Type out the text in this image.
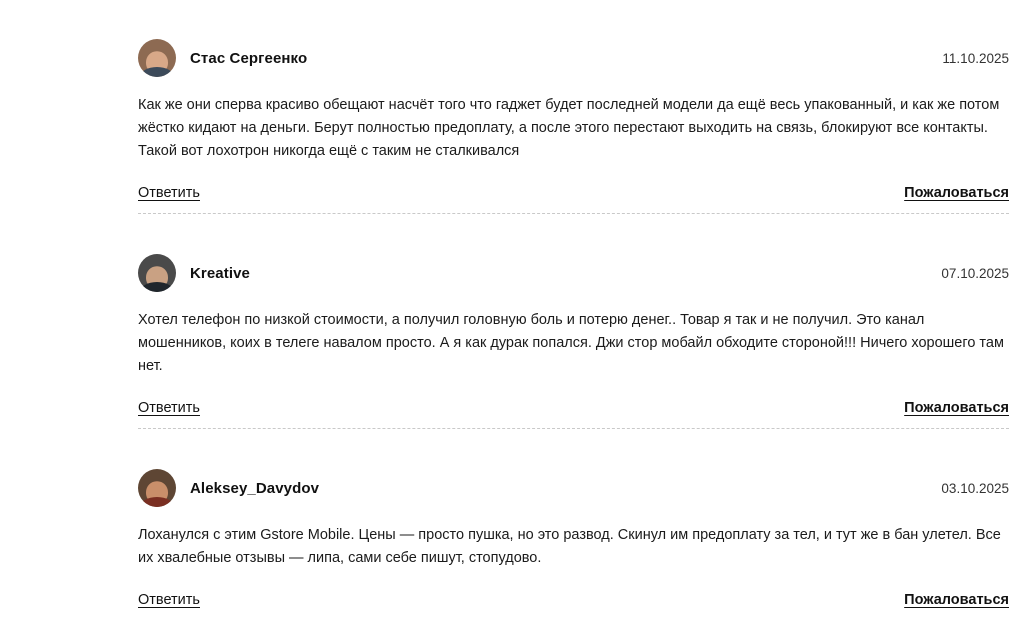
Стас Сергеенко	11.10.2025

Как же они сперва красиво обещают насчёт того что гаджет будет последней модели да ещё весь упакованный, и как же потом жёстко кидают на деньги. Берут полностью предоплату, а после этого перестают выходить на связь, блокируют все контакты. Такой вот лохотрон никогда ещё с таким не сталкивался

Ответить	Пожаловаться
Kreative	07.10.2025

Хотел телефон по низкой стоимости, а получил головную боль и потерю денег.. Товар я так и не получил. Это канал мошенников, коих в телеге навалом просто. А я как дурак попался. Джи стор мобайл обходите стороной!!! Ничего хорошего там нет.

Ответить	Пожаловаться
Aleksey_Davydov	03.10.2025

Лоханулся с этим Gstore Mobile. Цены — просто пушка, но это развод. Скинул им предоплату за тел, и тут же в бан улетел. Все их хвалебные отзывы — липа, сами себе пишут, стопудово.

Ответить	Пожаловаться
